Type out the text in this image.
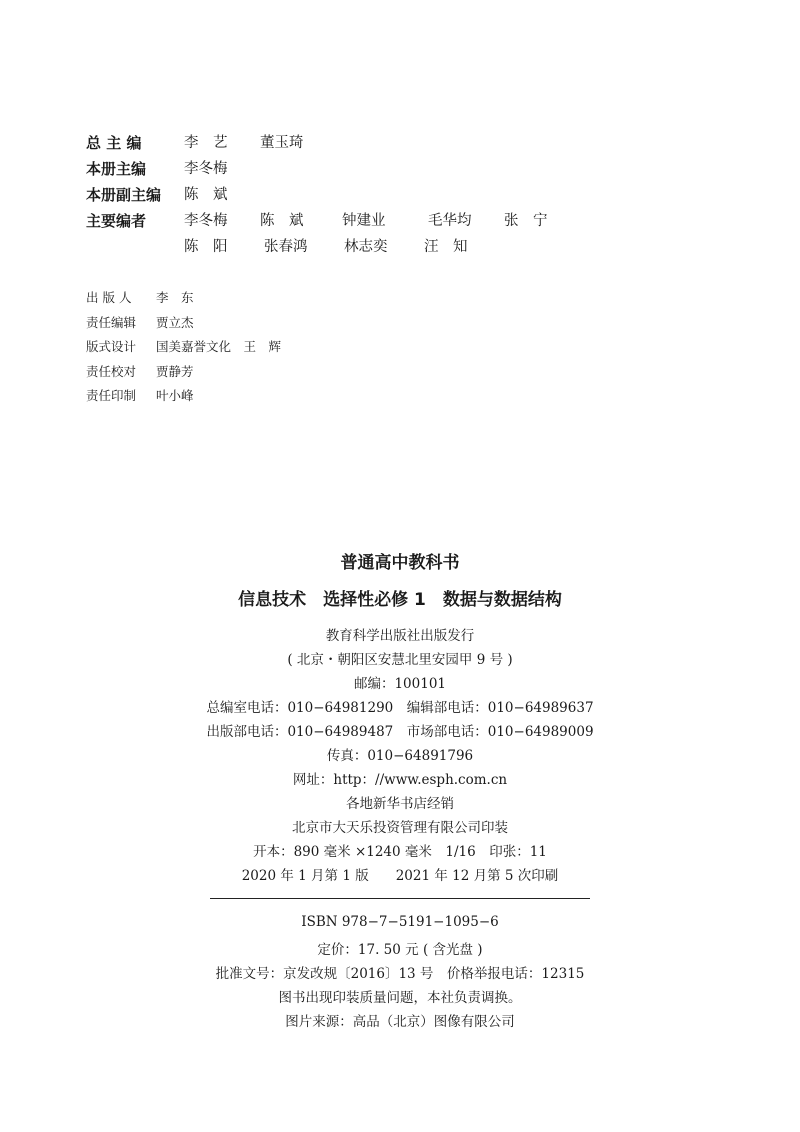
总 主 编	李　艺 董玉琦
本册主编	李冬梅
本册副主编 陈　斌
主要编者	李冬梅 陈　斌	钟建业	毛华均 张　宁
陈　阳	张春鸿	林志奕	汪　知
出 版 人 李　东
责任编辑 贾立杰
版式设计 国美嘉誉文化　王　辉
责任校对 贾静芳
责任印制 叶小峰
普通高中教科书
信息技术　选择性必修 1　数据与数据结构
教育科学出版社出版发行
( 北京・朝阳区安慧北里安园甲 9 号 )
邮编：100101
总编室电话：010−64981290　编辑部电话：010−64989637
出版部电话：010−64989487　市场部电话：010−64989009
传真：010−64891796
网址：http：//www.esph.com.cn
各地新华书店经销
北京市大天乐投资管理有限公司印装
开本：890 毫米 ×1240 毫米　1/16　印张：11
2020 年 1 月第 1 版　　2021 年 12 月第 5 次印刷
ISBN 978−7−5191−1095−6
定价：17. 50 元 ( 含光盘 )
批准文号：京发改规〔2016〕13 号　价格举报电话：12315
图书出现印装质量问题，本社负责调换。
图片来源：高品（北京）图像有限公司
